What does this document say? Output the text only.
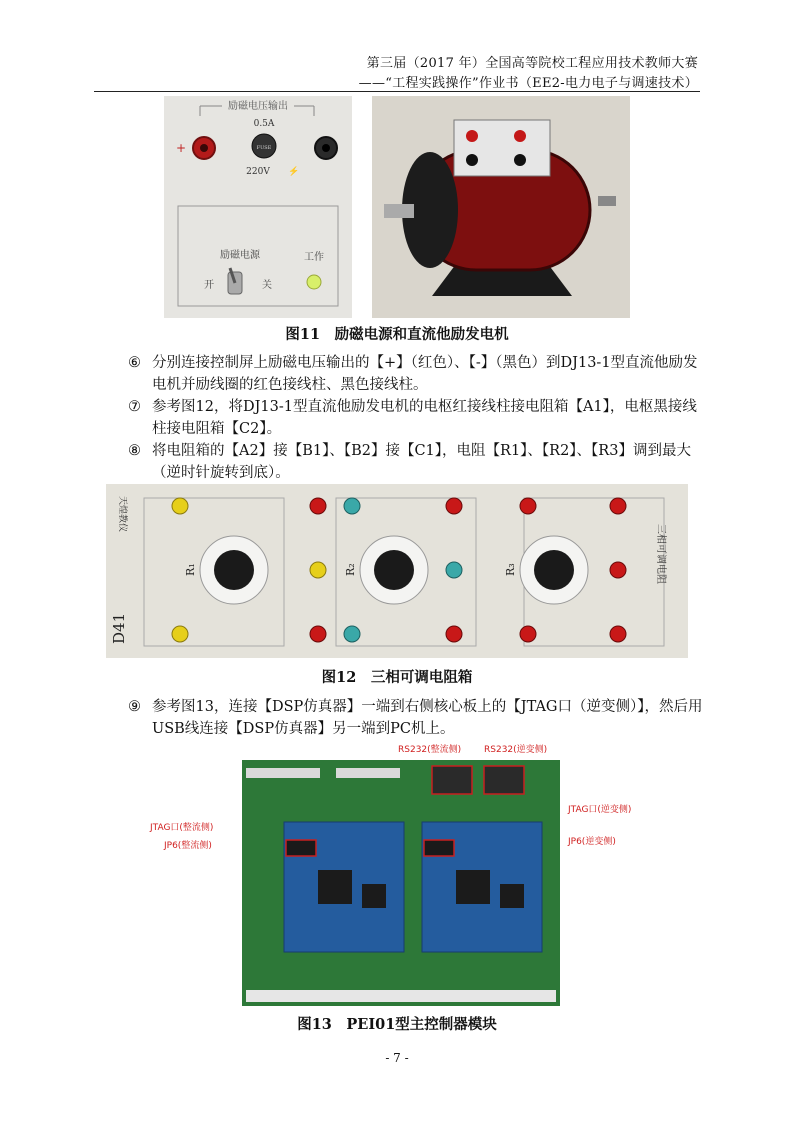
第三届（2017 年）全国高等院校工程应用技术教师大赛
——“工程实践操作”作业书（EE2-电力电子与调速技术）
励磁电压输出
+
0.5A
FUSE
220V ⚡
励磁电源
开	关
工作
图11　励磁电源和直流他励发电机
⑥ 分别连接控制屏上励磁电压输出的【+】（红色）、【-】（黑色）到DJ13-1型直流他励发电机并励线圈的红色接线柱、黑色接线柱。
⑦ 参考图12，将DJ13-1型直流他励发电机的电枢红接线柱接电阻箱【A1】，电枢黑接线柱接电阻箱【C2】。
⑧ 将电阻箱的【A2】接【B1】、【B2】接【C1】，电阻【R1】、【R2】、【R3】调到最大（逆时针旋转到底）。
天煌教仪
D41
R₁	R₂	R₃	三相可调电阻
图12　三相可调电阻箱
⑨ 参考图13，连接【DSP仿真器】一端到右侧核心板上的【JTAG口（逆变侧）】，然后用USB线连接【DSP仿真器】另一端到PC机上。
RS232(整流侧)	RS232(逆变侧)
JTAG口(整流侧)
JP6(整流侧)
JTAG口(逆变侧)
JP6(逆变侧)
图13　PEI01型主控制器模块
- 7 -
